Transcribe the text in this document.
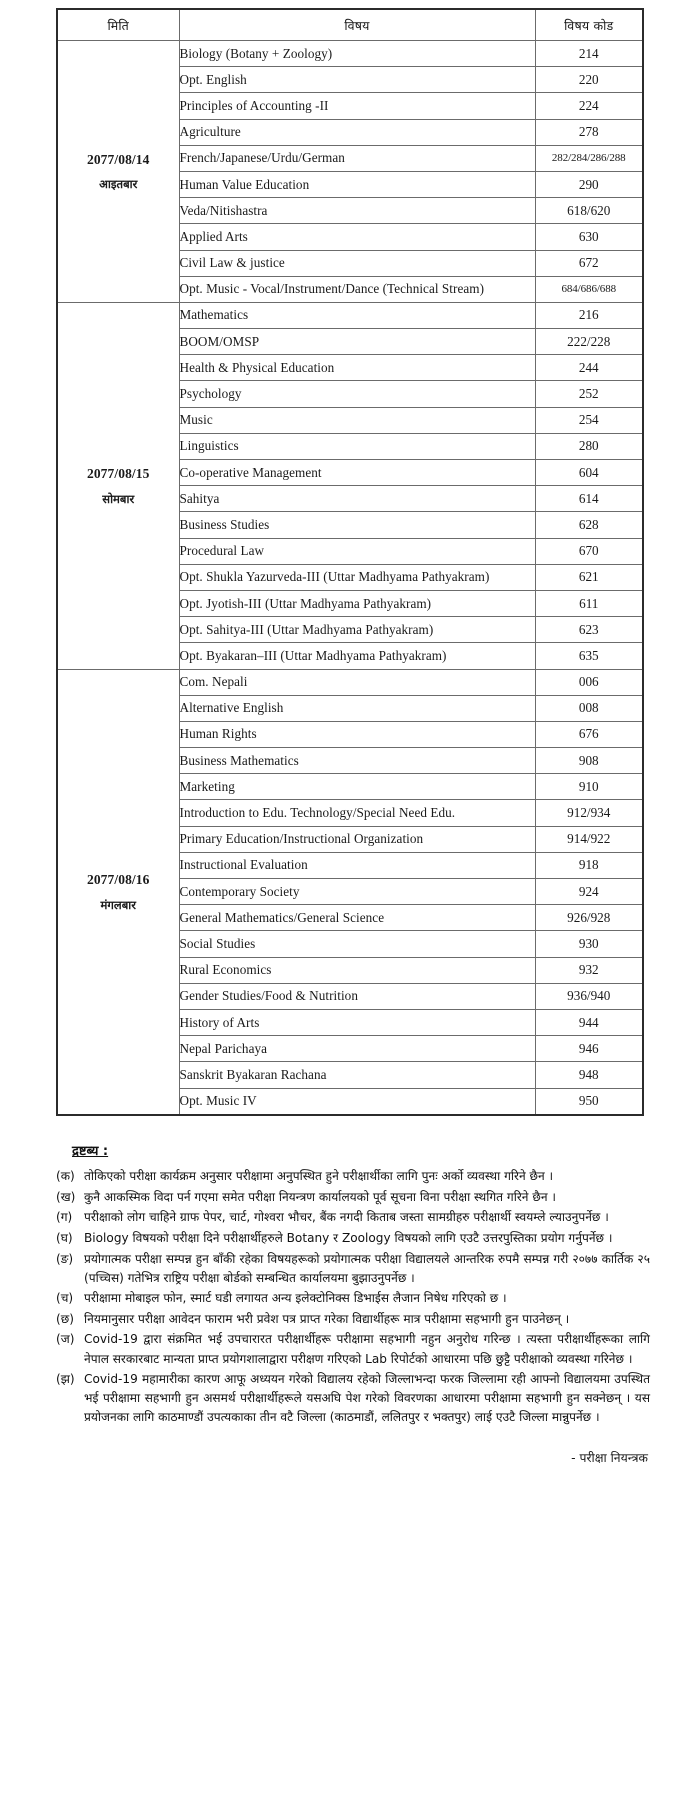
मिति	विषय	विषय कोड

2077/08/14
आइतबार	Biology (Botany + Zoology)	214
	Opt. English	220
	Principles of Accounting -II	224
	Agriculture	278
	French/Japanese/Urdu/German	282/284/286/288
	Human Value Education	290
	Veda/Nitishastra	618/620
	Applied Arts	630
	Civil Law & justice	672
	Opt. Music - Vocal/Instrument/Dance (Technical Stream)	684/686/688

2077/08/15
सोमबार	Mathematics	216
	BOOM/OMSP	222/228
	Health & Physical Education	244
	Psychology	252
	Music	254
	Linguistics	280
	Co-operative Management	604
	Sahitya	614
	Business Studies	628
	Procedural Law	670
	Opt. Shukla Yazurveda-III (Uttar Madhyama Pathyakram)	621
	Opt. Jyotish-III (Uttar Madhyama Pathyakram)	611
	Opt. Sahitya-III (Uttar Madhyama Pathyakram)	623
	Opt. Byakaran–III (Uttar Madhyama Pathyakram)	635

2077/08/16
मंगलबार	Com. Nepali	006
	Alternative English	008
	Human Rights	676
	Business Mathematics	908
	Marketing	910
	Introduction to Edu. Technology/Special Need Edu.	912/934
	Primary Education/Instructional Organization	914/922
	Instructional Evaluation	918
	Contemporary Society	924
	General Mathematics/General Science	926/928
	Social Studies	930
	Rural Economics	932
	Gender Studies/Food & Nutrition	936/940
	History of Arts	944
	Nepal Parichaya	946
	Sanskrit Byakaran Rachana	948
	Opt. Music IV	950
द्रष्टब्य :
(क) तोकिएको परीक्षा कार्यक्रम अनुसार परीक्षामा अनुपस्थित हुने परीक्षार्थीका लागि पुनः अर्को व्यवस्था गरिने छैन ।
(ख) कुनै आकस्मिक विदा पर्न गएमा समेत परीक्षा नियन्त्रण कार्यालयको पूर्व सूचना विना परीक्षा स्थगित गरिने छैन ।
(ग) परीक्षाको लाेग चाहिने ग्राफ पेपर, चार्ट, गोश्वरा भौचर, बैंक नगदी किताब जस्ता सामग्रीहरु परीक्षार्थी स्वयम्ले ल्याउनुपर्नेछ ।
(घ) Biology विषयको परीक्षा दिने परीक्षार्थीहरुले Botany र Zoology विषयको लागि एउटै उत्तरपुस्तिका प्रयोग गर्नुपर्नेछ ।
(ङ) प्रयोगात्मक परीक्षा सम्पन्न हुन बाँकी रहेका विषयहरूको प्रयोगात्मक परीक्षा विद्यालयले आन्तरिक रुपमै सम्पन्न गरी २०७७ कार्तिक २५ (पच्चिस) गतेभित्र राष्ट्रिय परीक्षा बोर्डको सम्बन्धित कार्यालयमा बुझाउनुपर्नेछ ।
(च) परीक्षामा मोबाइल फोन, स्मार्ट घडी लगायत अन्य इलेक्टोनिक्स डिभाईस लैजान निषेध गरिएको छ ।
(छ) नियमानुसार परीक्षा आवेदन फाराम भरी प्रवेश पत्र प्राप्त गरेका विद्यार्थीहरू मात्र परीक्षामा सहभागी हुन पाउनेछन् ।
(ज) Covid-19 द्वारा संक्रमित भई उपचारारत परीक्षार्थीहरू परीक्षामा सहभागी नहुन अनुरोध गरिन्छ । त्यस्ता परीक्षार्थीहरूका लागि नेपाल सरकारबाट मान्यता प्राप्त प्रयोगशालाद्वारा परीक्षण गरिएको Lab रिपोर्टको आधारमा पछि छुट्टै परीक्षाको व्यवस्था गरिनेछ ।
(झ) Covid-19 महामारीका कारण आफू अध्ययन गरेको विद्यालय रहेको जिल्लाभन्दा फरक जिल्लामा रही आफ्नो विद्यालयमा उपस्थित भई परीक्षामा सहभागी हुन असमर्थ परीक्षार्थीहरूले यसअघि पेश गरेको विवरणका आधारमा परीक्षामा सहभागी हुन सक्नेछन् । यस प्रयोजनका लागि काठमाण्डौं उपत्यकाका तीन वटै जिल्ला (काठमाडौं, ललितपुर र भक्तपुर) लाई एउटै जिल्ला मान्नुपर्नेछ ।
- परीक्षा नियन्त्रक
